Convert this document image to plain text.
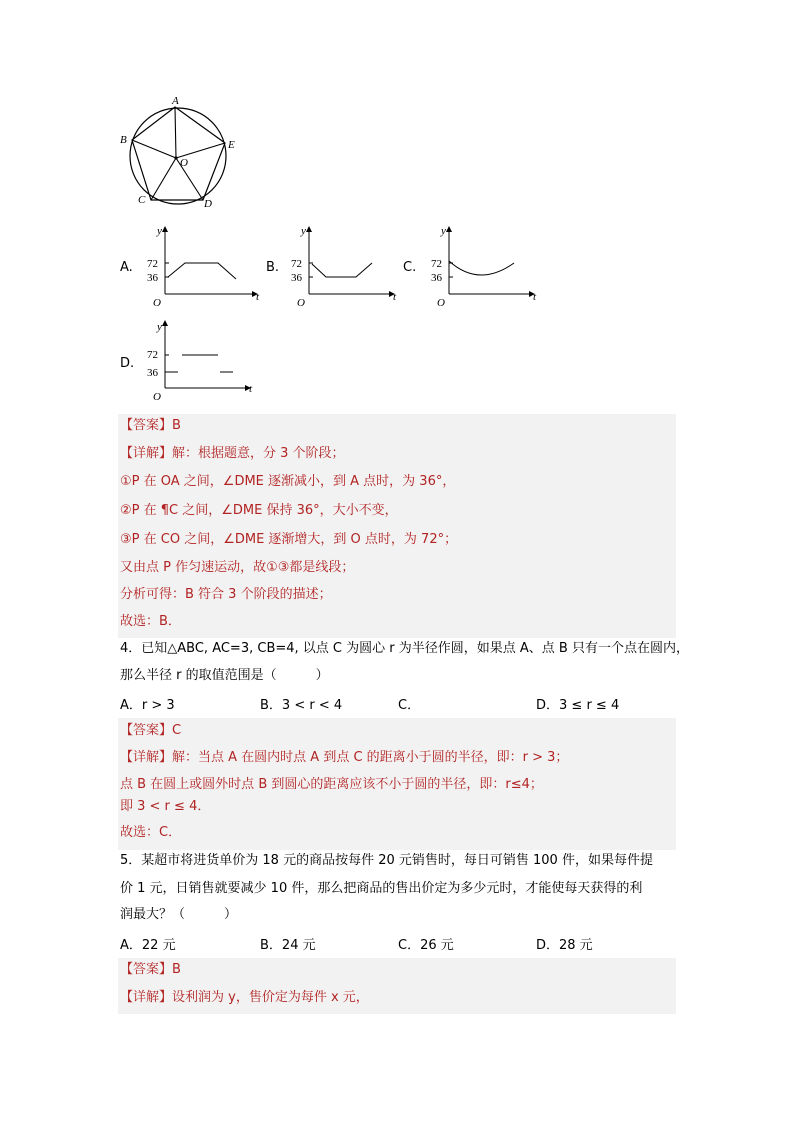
A
B	E
C	D
O
A.
y
t
O
72
36
B.
y
t
O
72
36
C.
y
t
O
72
36
D.
y
t
O
72
36
【答案】B
【详解】解：根据题意，分 3 个阶段；
①P 在 OA 之间，∠DME 逐渐减小，到 A 点时，为 36°，
②P 在 ¶C 之间，∠DME 保持 36°，大小不变，
③P 在 CO 之间，∠DME 逐渐增大，到 O 点时，为 72°；
又由点 P 作匀速运动，故①③都是线段；
分析可得：B 符合 3 个阶段的描述；
故选：B．
4．已知△ABC, AC=3, CB=4, 以点 C 为圆心 r 为半径作圆，如果点 A、点 B 只有一个点在圆内，
那么半径 r 的取值范围是（　　　）
A．r > 3	B．3 < r < 4	C．	D．3 ≤ r ≤ 4
【答案】C
【详解】解：当点 A 在圆内时点 A 到点 C 的距离小于圆的半径，即：r > 3；
点 B 在圆上或圆外时点 B 到圆心的距离应该不小于圆的半径，即：r≤4；
即 3 < r ≤ 4．
故选：C．
5．某超市将进货单价为 18 元的商品按每件 20 元销售时，每日可销售 100 件，如果每件提
价 1 元，日销售就要减少 10 件，那么把商品的售出价定为多少元时，才能使每天获得的利
润最大？（　　　）
A．22 元	B．24 元	C．26 元	D．28 元
【答案】B
【详解】设利润为 y，售价定为每件 x 元，
